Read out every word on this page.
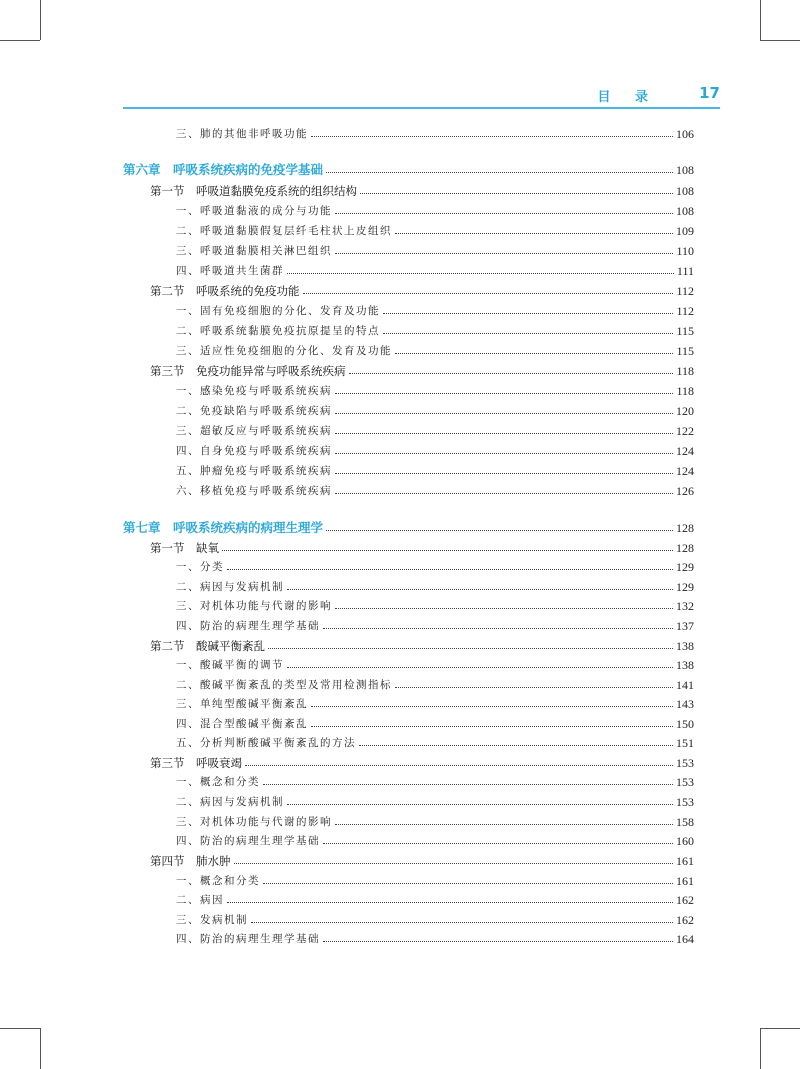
目 录	17
三、肺的其他非呼吸功能	106
第六章　呼吸系统疾病的免疫学基础	108
第一节　呼吸道黏膜免疫系统的组织结构	108
一、呼吸道黏液的成分与功能	108
二、呼吸道黏膜假复层纤毛柱状上皮组织	109
三、呼吸道黏膜相关淋巴组织	110
四、呼吸道共生菌群	111
第二节　呼吸系统的免疫功能	112
一、固有免疫细胞的分化、发育及功能	112
二、呼吸系统黏膜免疫抗原提呈的特点	115
三、适应性免疫细胞的分化、发育及功能	115
第三节　免疫功能异常与呼吸系统疾病	118
一、感染免疫与呼吸系统疾病	118
二、免疫缺陷与呼吸系统疾病	120
三、超敏反应与呼吸系统疾病	122
四、自身免疫与呼吸系统疾病	124
五、肿瘤免疫与呼吸系统疾病	124
六、移植免疫与呼吸系统疾病	126
第七章　呼吸系统疾病的病理生理学	128
第一节　缺氧	128
一、分类	129
二、病因与发病机制	129
三、对机体功能与代谢的影响	132
四、防治的病理生理学基础	137
第二节　酸碱平衡紊乱	138
一、酸碱平衡的调节	138
二、酸碱平衡紊乱的类型及常用检测指标	141
三、单纯型酸碱平衡紊乱	143
四、混合型酸碱平衡紊乱	150
五、分析判断酸碱平衡紊乱的方法	151
第三节　呼吸衰竭	153
一、概念和分类	153
二、病因与发病机制	153
三、对机体功能与代谢的影响	158
四、防治的病理生理学基础	160
第四节　肺水肿	161
一、概念和分类	161
二、病因	162
三、发病机制	162
四、防治的病理生理学基础	164
